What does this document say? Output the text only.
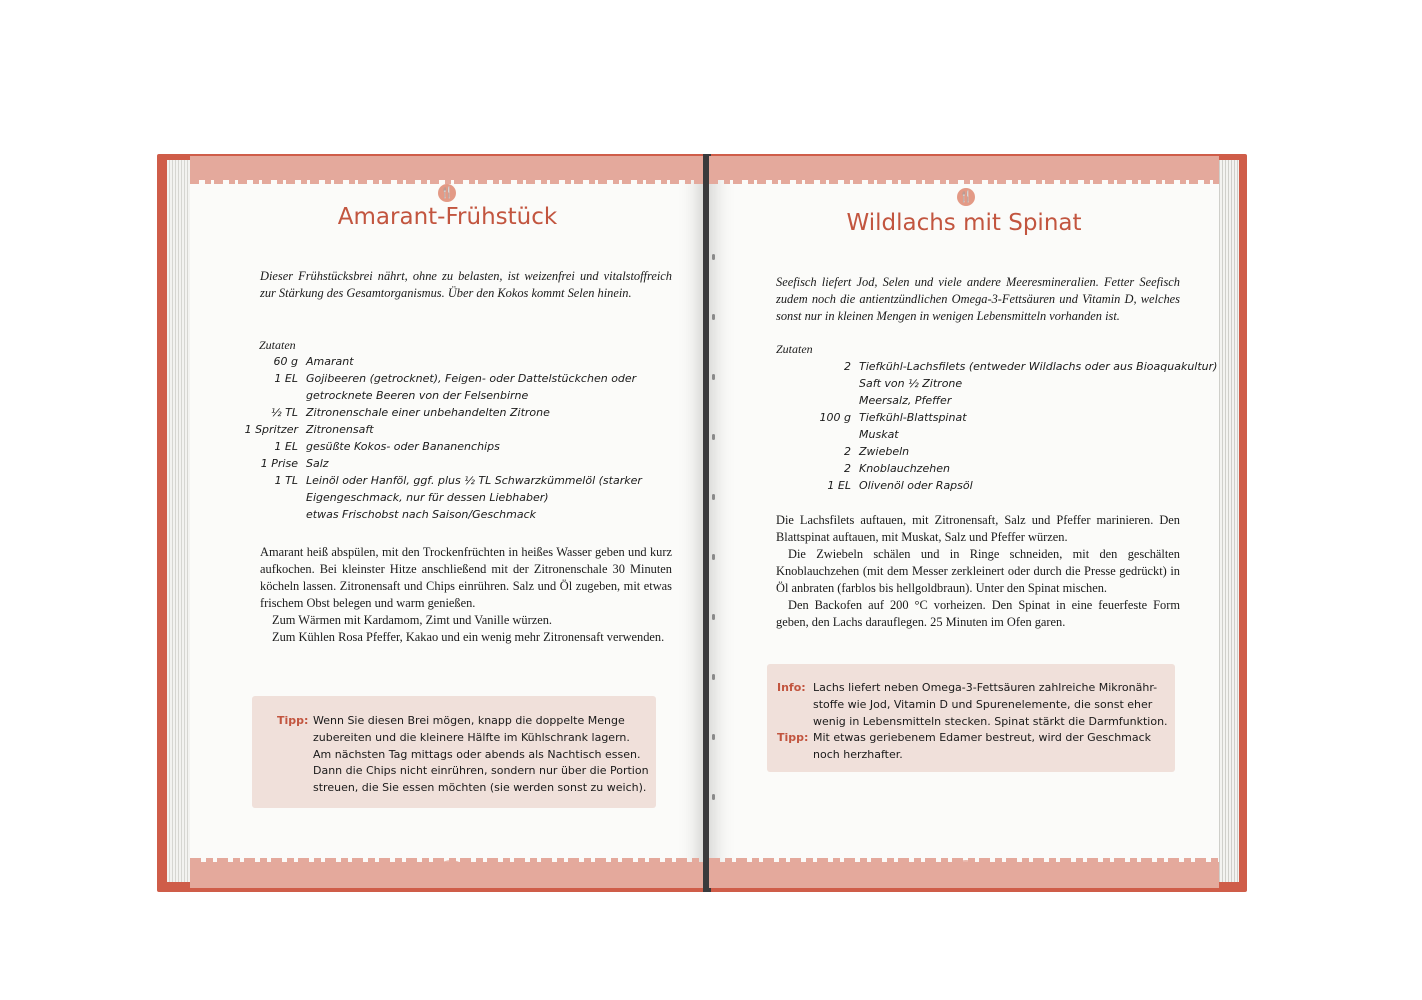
🍴
Amarant-Frühstück
Dieser Frühstücksbrei nährt, ohne zu belasten, ist weizenfrei und vitalstoffreich zur Stärkung des Gesamtorganismus. Über den Kokos kommt Selen hinein.
Zutaten
60 g Amarant
1 EL Gojibeeren (getrocknet), Feigen- oder Dattelstückchen oder
getrocknete Beeren von der Felsenbirne
½ TL Zitronenschale einer unbehandelten Zitrone
1 Spritzer Zitronensaft
1 EL gesüßte Kokos- oder Bananenchips
1 Prise Salz
1 TL Leinöl oder Hanföl, ggf. plus ½ TL Schwarzkümmelöl (starker
Eigengeschmack, nur für dessen Liebhaber)
etwas Frischobst nach Saison/Geschmack

Amarant heiß abspülen, mit den Trockenfrüchten in heißes Wasser geben und kurz aufkochen. Bei kleinster Hitze anschließend mit der Zitronenschale 30 Minuten köcheln lassen. Zitronensaft und Chips einrühren. Salz und Öl zugeben, mit etwas frischem Obst belegen und warm genießen.

Zum Wärmen mit Kardamom, Zimt und Vanille würzen.

Zum Kühlen Rosa Pfeffer, Kakao und ein wenig mehr Zitronensaft verwenden.

Tipp: Wenn Sie diesen Brei mögen, knapp die doppelte Menge
zubereiten und die kleinere Hälfte im Kühlschrank lagern.
Am nächsten Tag mittags oder abends als Nachtisch essen.
Dann die Chips nicht einrühren, sondern nur über die Portion
streuen, die Sie essen möchten (sie werden sonst zu weich).
🍴
Wildlachs mit Spinat
Seefisch liefert Jod, Selen und viele andere Meeresmineralien. Fetter Seefisch zudem noch die antientzündlichen Omega-3-Fettsäuren und Vitamin D, welches sonst nur in kleinen Mengen in wenigen Lebensmitteln vorhanden ist.
Zutaten
2 Tiefkühl-Lachsfilets (entweder Wildlachs oder aus Bioaquakultur)
Saft von ½ Zitrone
Meersalz, Pfeffer
100 g Tiefkühl-Blattspinat
Muskat
2 Zwiebeln
2 Knoblauchzehen
1 EL Olivenöl oder Rapsöl

Die Lachsfilets auftauen, mit Zitronensaft, Salz und Pfeffer marinieren. Den Blattspinat auftauen, mit Muskat, Salz und Pfeffer würzen.

Die Zwiebeln schälen und in Ringe schneiden, mit den geschälten Knoblauchzehen (mit dem Messer zerkleinert oder durch die Presse gedrückt) in Öl anbraten (farblos bis hellgoldbraun). Unter den Spinat mischen.

Den Backofen auf 200 °C vorheizen. Den Spinat in eine feuerfeste Form geben, den Lachs darauflegen. 25 Minuten im Ofen garen.

Info: Lachs liefert neben Omega-3-Fettsäuren zahlreiche Mikronähr-
stoffe wie Jod, Vitamin D und Spurenelemente, die sonst eher
wenig in Lebensmitteln stecken. Spinat stärkt die Darmfunktion.
Tipp: Mit etwas geriebenem Edamer bestreut, wird der Geschmack
noch herzhafter.
